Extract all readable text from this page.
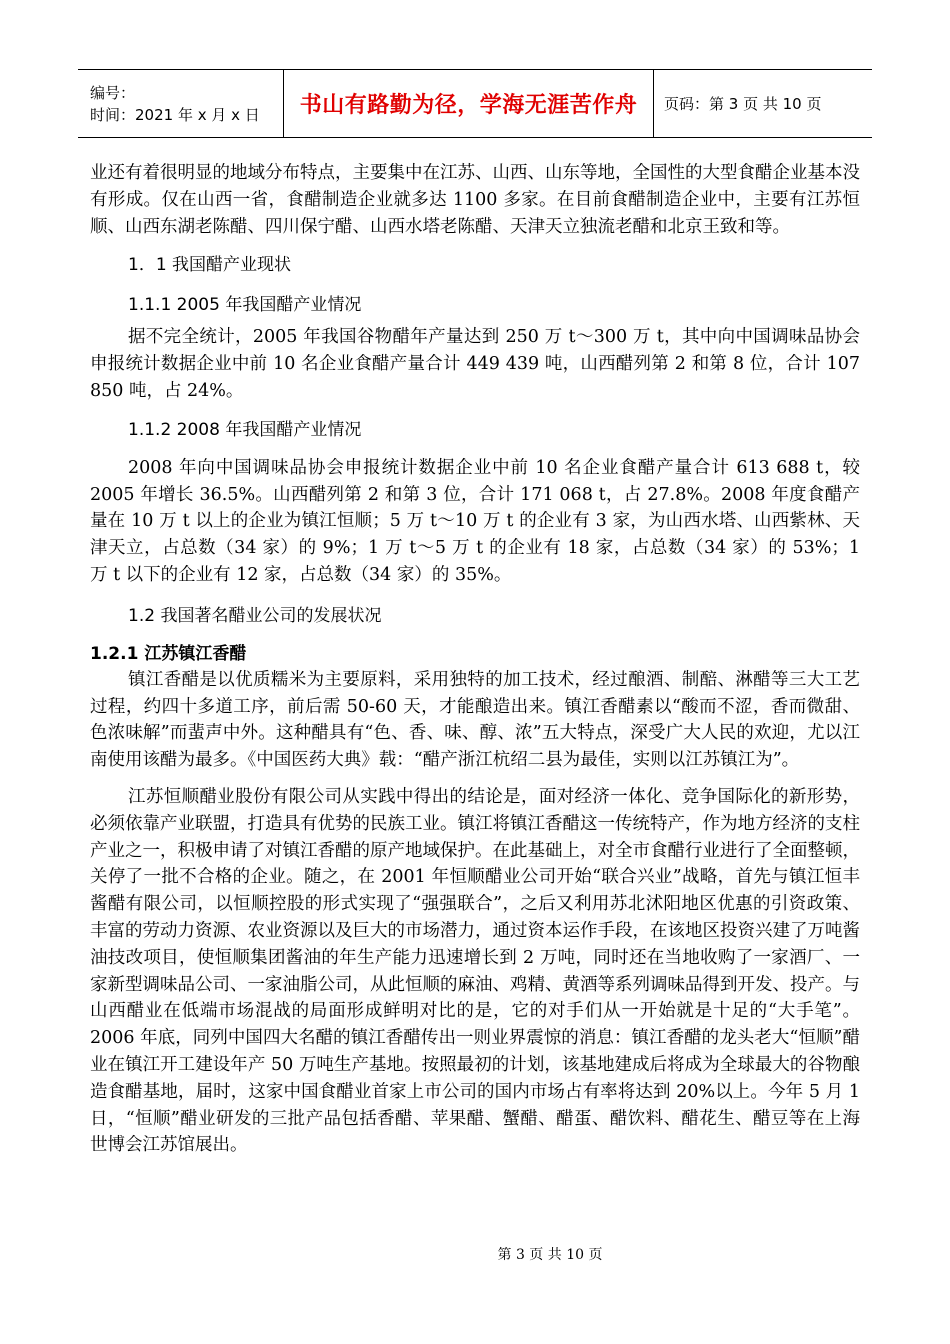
编号：
时间：2021 年 x 月 x 日	书山有路勤为径，学海无涯苦作舟 页码：第 3 页 共 10 页

业还有着很明显的地域分布特点，主要集中在江苏、山西、山东等地，全国性的大型食醋企业基本没有形成。仅在山西一省，食醋制造企业就多达 1100 多家。在目前食醋制造企业中，主要有江苏恒顺、山西东湖老陈醋、四川保宁醋、山西水塔老陈醋、天津天立独流老醋和北京王致和等。

1．1 我国醋产业现状
1.1.1 2005 年我国醋产业情况

据不完全统计，2005 年我国谷物醋年产量达到 250 万 t～300 万 t，其中向中国调味品协会申报统计数据企业中前 10 名企业食醋产量合计 449 439 吨，山西醋列第 2 和第 8 位，合计 107 850 吨，占 24%。

1.1.2 2008 年我国醋产业情况

2008 年向中国调味品协会申报统计数据企业中前 10 名企业食醋产量合计 613 688 t，较 2005 年增长 36.5%。山西醋列第 2 和第 3 位，合计 171 068 t，占 27.8%。2008 年度食醋产量在 10 万 t 以上的企业为镇江恒顺；5 万 t～10 万 t 的企业有 3 家，为山西水塔、山西紫林、天津天立，占总数（34 家）的 9%；1 万 t～5 万 t 的企业有 18 家，占总数（34 家）的 53%；1 万 t 以下的企业有 12 家，占总数（34 家）的 35%。

1.2 我国著名醋业公司的发展状况
1.2.1 江苏镇江香醋

镇江香醋是以优质糯米为主要原料，采用独特的加工技术，经过酿酒、制醅、淋醋等三大工艺过程，约四十多道工序，前后需 50-60 天，才能酿造出来。镇江香醋素以“酸而不涩，香而微甜、色浓味解”而蜚声中外。这种醋具有“色、香、味、醇、浓”五大特点，深受广大人民的欢迎，尤以江南使用该醋为最多。《中国医药大典》载：“醋产浙江杭绍二县为最佳，实则以江苏镇江为”。

江苏恒顺醋业股份有限公司从实践中得出的结论是，面对经济一体化、竞争国际化的新形势，必须依靠产业联盟，打造具有优势的民族工业。镇江将镇江香醋这一传统特产，作为地方经济的支柱产业之一，积极申请了对镇江香醋的原产地域保护。在此基础上，对全市食醋行业进行了全面整顿，关停了一批不合格的企业。随之，在 2001 年恒顺醋业公司开始“联合兴业”战略，首先与镇江恒丰酱醋有限公司，以恒顺控股的形式实现了“强强联合”，之后又利用苏北沭阳地区优惠的引资政策、丰富的劳动力资源、农业资源以及巨大的市场潜力，通过资本运作手段，在该地区投资兴建了万吨酱油技改项目，使恒顺集团酱油的年生产能力迅速增长到 2 万吨，同时还在当地收购了一家酒厂、一家新型调味品公司、一家油脂公司，从此恒顺的麻油、鸡精、黄酒等系列调味品得到开发、投产。与山西醋业在低端市场混战的局面形成鲜明对比的是，它的对手们从一开始就是十足的“大手笔”。2006 年底，同列中国四大名醋的镇江香醋传出一则业界震惊的消息：镇江香醋的龙头老大“恒顺”醋业在镇江开工建设年产 50 万吨生产基地。按照最初的计划，该基地建成后将成为全球最大的谷物酿造食醋基地，届时，这家中国食醋业首家上市公司的国内市场占有率将达到 20%以上。今年 5 月 1 日，“恒顺”醋业研发的三批产品包括香醋、苹果醋、蟹醋、醋蛋、醋饮料、醋花生、醋豆等在上海世博会江苏馆展出。

第 3 页 共 10 页
